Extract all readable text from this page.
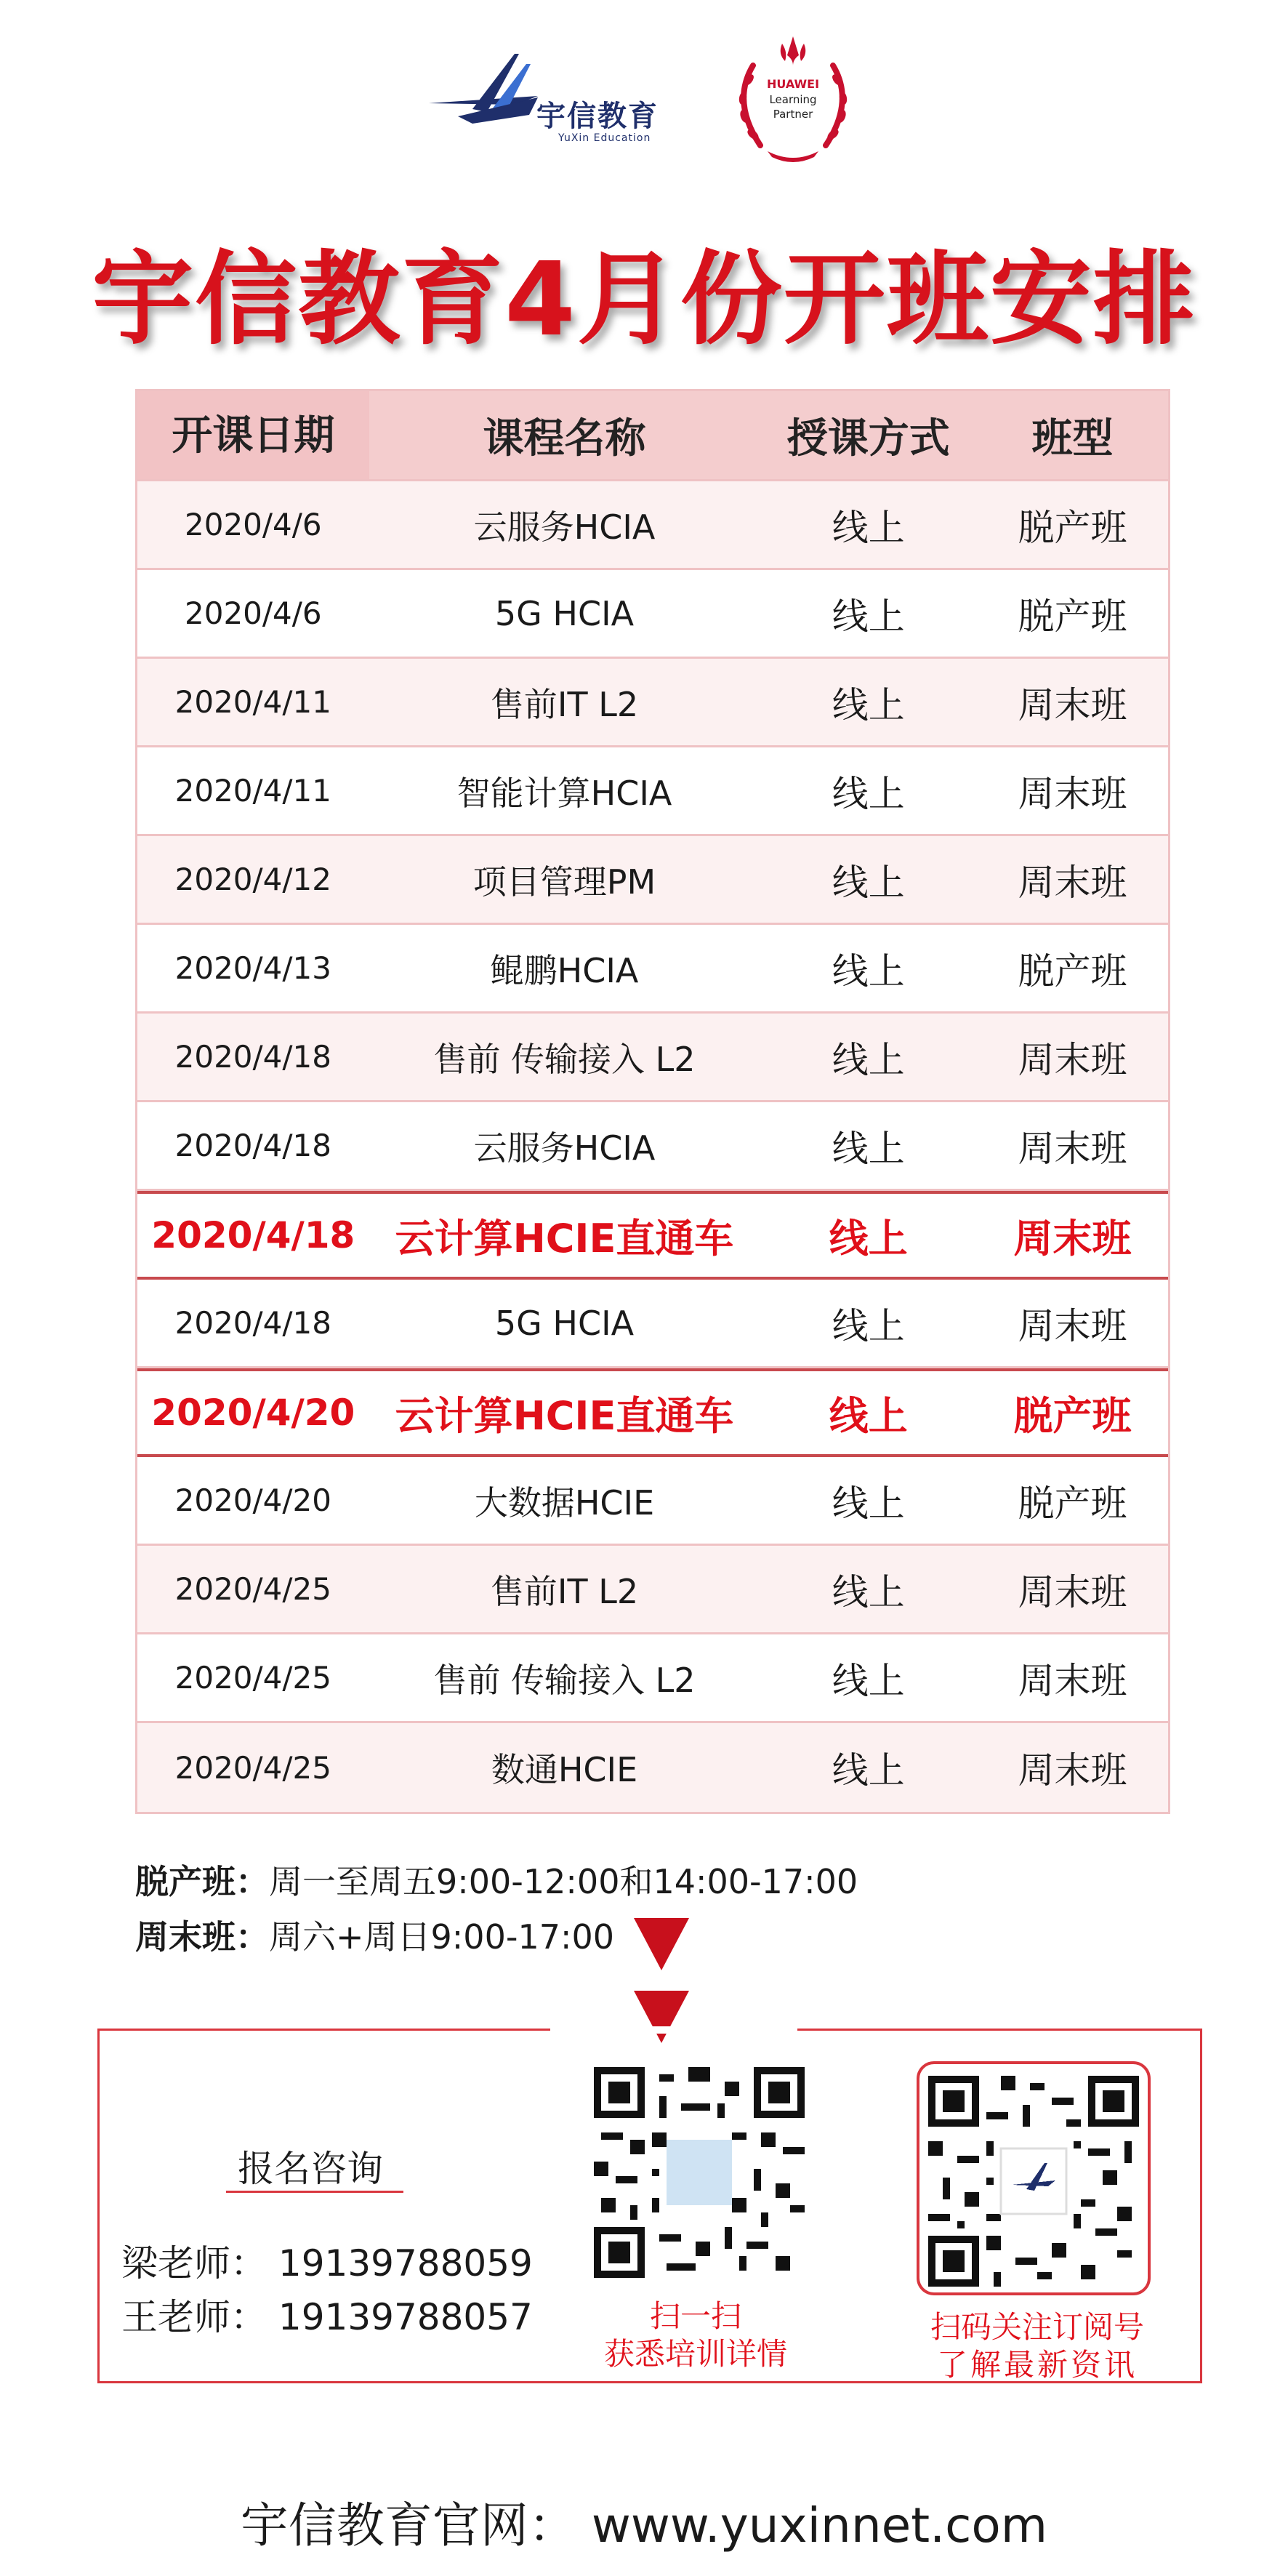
宇信教育
YuXin Education
HUAWEI
Learning
Partner
宇信教育4月份开班安排
开课日期	课程名称	授课方式	班型
2020/4/6	云服务HCIA	线上	脱产班
2020/4/6	5G HCIA	线上	脱产班
2020/4/11	售前IT L2	线上	周末班
2020/4/11	智能计算HCIA	线上	周末班
2020/4/12	项目管理PM	线上	周末班
2020/4/13	鲲鹏HCIA	线上	脱产班
2020/4/18	售前 传输接入 L2	线上	周末班
2020/4/18	云服务HCIA	线上	周末班
2020/4/18	云计算HCIE直通车	线上	周末班
2020/4/18	5G HCIA	线上	周末班
2020/4/20	云计算HCIE直通车	线上	脱产班
2020/4/20	大数据HCIE	线上	脱产班
2020/4/25	售前IT L2	线上	周末班
2020/4/25	售前 传输接入 L2	线上	周末班
2020/4/25	数通HCIE	线上	周末班
脱产班：周一至周五9:00-12:00和14:00-17:00
周末班：周六+周日9:00-17:00
报名咨询
梁老师： 19139788059
王老师： 19139788057	扫一扫
获悉培训详情
扫码关注订阅号
了解最新资讯
宇信教育官网： www.yuxinnet.com
